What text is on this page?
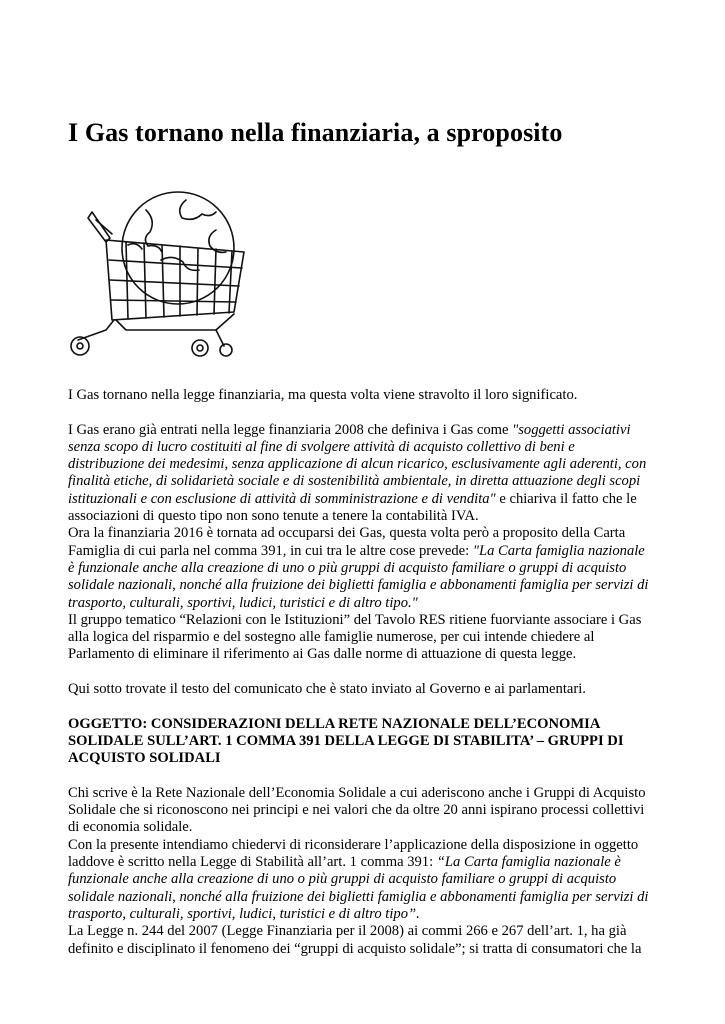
I Gas tornano nella finanziaria, a sproposito

I Gas tornano nella legge finanziaria, ma questa volta viene stravolto il loro significato.

I Gas erano già entrati nella legge finanziaria 2008 che definiva i Gas come "soggetti associativi senza scopo di lucro costituiti al fine di svolgere attività di acquisto collettivo di beni e distribuzione dei medesimi, senza applicazione di alcun ricarico, esclusivamente agli aderenti, con finalità etiche, di solidarietà sociale e di sostenibilità ambientale, in diretta attuazione degli scopi istituzionali e con esclusione di attività di somministrazione e di vendita" e chiariva il fatto che le associazioni di questo tipo non sono tenute a tenere la contabilità IVA.

Ora la finanziaria 2016 è tornata ad occuparsi dei Gas, questa volta però a proposito della Carta Famiglia di cui parla nel comma 391, in cui tra le altre cose prevede: "La Carta famiglia nazionale è funzionale anche alla creazione di uno o più gruppi di acquisto familiare o gruppi di acquisto solidale nazionali, nonché alla fruizione dei biglietti famiglia e abbonamenti famiglia per servizi di trasporto, culturali, sportivi, ludici, turistici e di altro tipo."

Il gruppo tematico “Relazioni con le Istituzioni” del Tavolo RES ritiene fuorviante associare i Gas alla logica del risparmio e del sostegno alle famiglie numerose, per cui intende chiedere al Parlamento di eliminare il riferimento ai Gas dalle norme di attuazione di questa legge.

Qui sotto trovate il testo del comunicato che è stato inviato al Governo e ai parlamentari.

OGGETTO: CONSIDERAZIONI DELLA RETE NAZIONALE DELL’ECONOMIA SOLIDALE SULL’ART. 1 COMMA 391 DELLA LEGGE DI STABILITA’ – GRUPPI DI ACQUISTO SOLIDALI

Chi scrive è la Rete Nazionale dell’Economia Solidale a cui aderiscono anche i Gruppi di Acquisto Solidale che si riconoscono nei principi e nei valori che da oltre 20 anni ispirano processi collettivi di economia solidale.

Con la presente intendiamo chiedervi di riconsiderare l’applicazione della disposizione in oggetto laddove è scritto nella Legge di Stabilità all’art. 1 comma 391: “La Carta famiglia nazionale è funzionale anche alla creazione di uno o più gruppi di acquisto familiare o gruppi di acquisto solidale nazionali, nonché alla fruizione dei biglietti famiglia e abbonamenti famiglia per servizi di trasporto, culturali, sportivi, ludici, turistici e di altro tipo”.

La Legge n. 244 del 2007 (Legge Finanziaria per il 2008) ai commi 266 e 267 dell’art. 1, ha già definito e disciplinato il fenomeno dei “gruppi di acquisto solidale”; si tratta di consumatori che la
